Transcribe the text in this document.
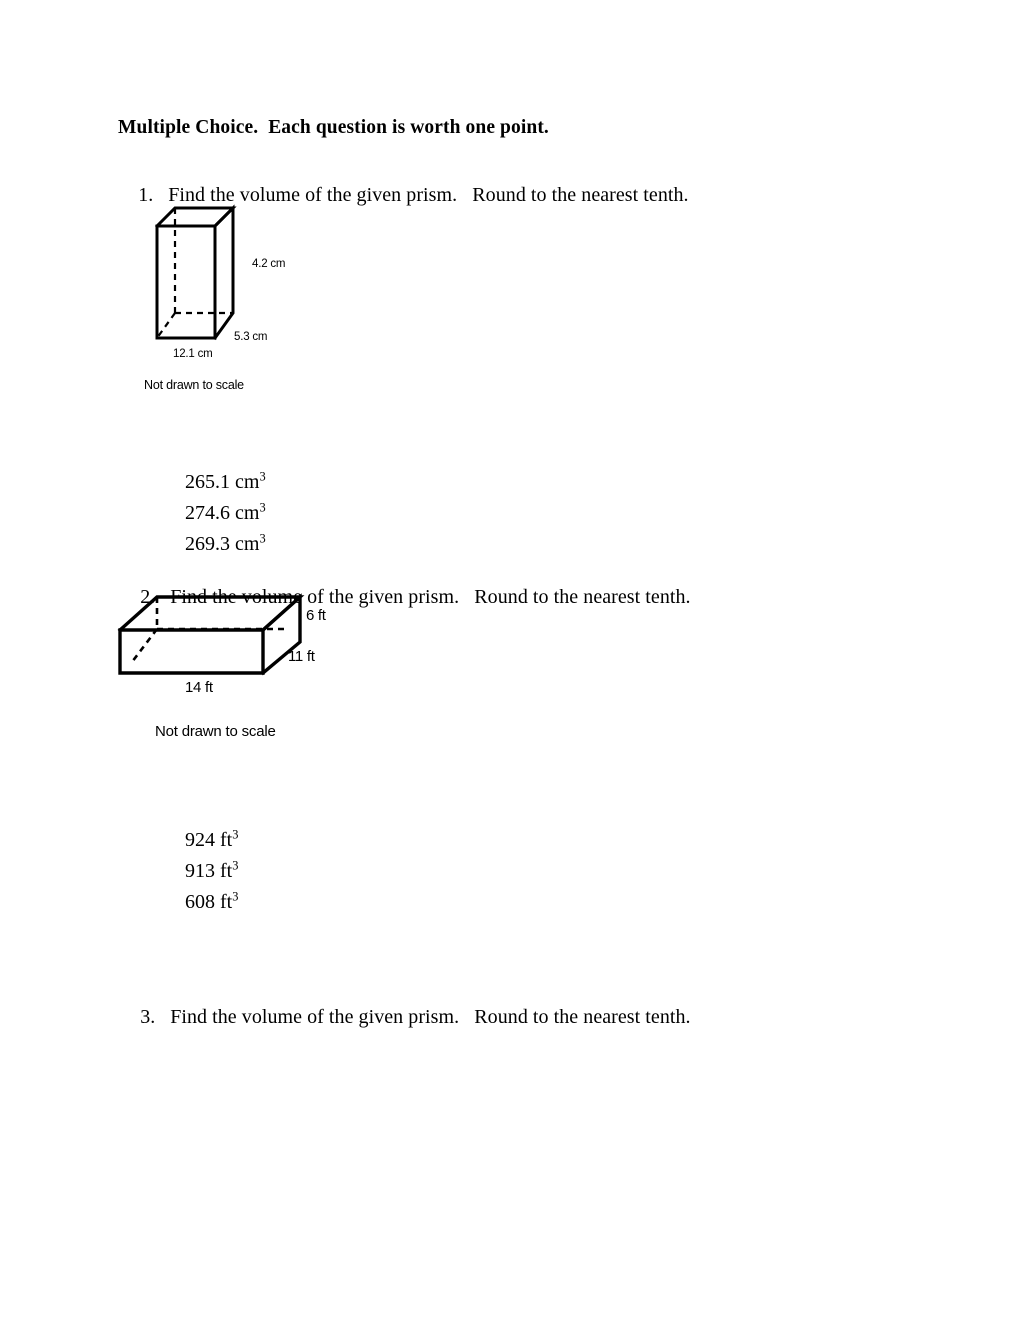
Multiple Choice.  Each question is worth one point.

1. Find the volume of the given prism.   Round to the nearest tenth.

4.2 cm
5.3 cm
12.1 cm
Not drawn to scale

265.1 $cm^3$

274.6 $cm^3$

269.3 $cm^3$

2. Find the volume of the given prism.   Round to the nearest tenth.

6 ft
11 ft
14 ft
Not drawn to scale

924 $ft^3$

913 $ft^3$

608 $ft^3$

3. Find the volume of the given prism.   Round to the nearest tenth.
